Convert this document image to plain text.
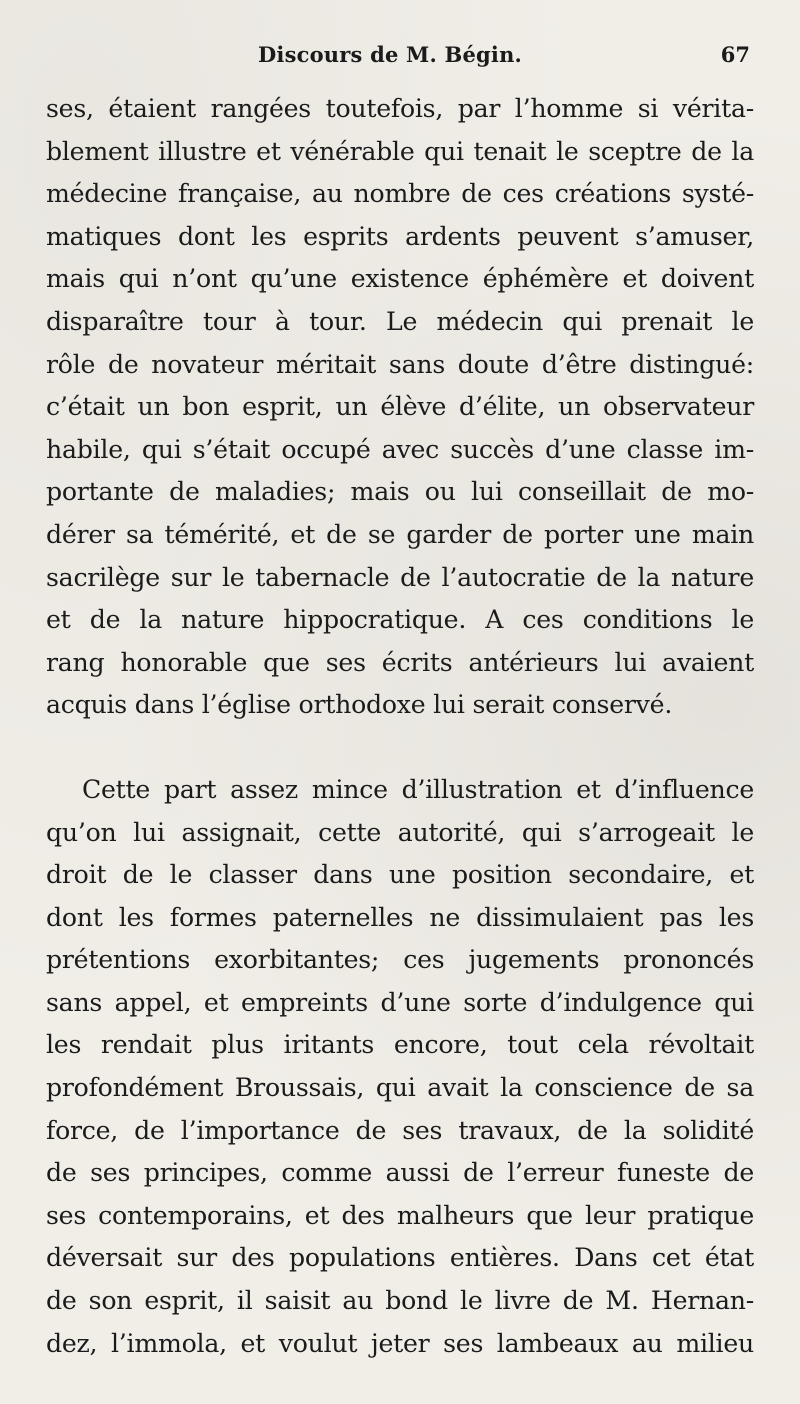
Discours de M. Bégin.	67
ses, étaient rangées toutefois, par l’homme si vérita-
blement illustre et vénérable qui tenait le sceptre de la
médecine française, au nombre de ces créations systé-
matiques dont les esprits ardents peuvent s’amuser,
mais qui n’ont qu’une existence éphémère et doivent
disparaître tour à tour. Le médecin qui prenait le
rôle de novateur méritait sans doute d’être distingué:
c’était un bon esprit, un élève d’élite, un observateur
habile, qui s’était occupé avec succès d’une classe im-
portante de maladies; mais ou lui conseillait de mo-
dérer sa témérité, et de se garder de porter une main
sacrilège sur le tabernacle de l’autocratie de la nature
et de la nature hippocratique. A ces conditions le
rang honorable que ses écrits antérieurs lui avaient
acquis dans l’église orthodoxe lui serait conservé.
Cette part assez mince d’illustration et d’influence
qu’on lui assignait, cette autorité, qui s’arrogeait le
droit de le classer dans une position secondaire, et
dont les formes paternelles ne dissimulaient pas les
prétentions exorbitantes; ces jugements prononcés
sans appel, et empreints d’une sorte d’indulgence qui
les rendait plus iritants encore, tout cela révoltait
profondément Broussais, qui avait la conscience de sa
force, de l’importance de ses travaux, de la solidité
de ses principes, comme aussi de l’erreur funeste de
ses contemporains, et des malheurs que leur pratique
déversait sur des populations entières. Dans cet état
de son esprit, il saisit au bond le livre de M. Hernan-
dez, l’immola, et voulut jeter ses lambeaux au milieu
